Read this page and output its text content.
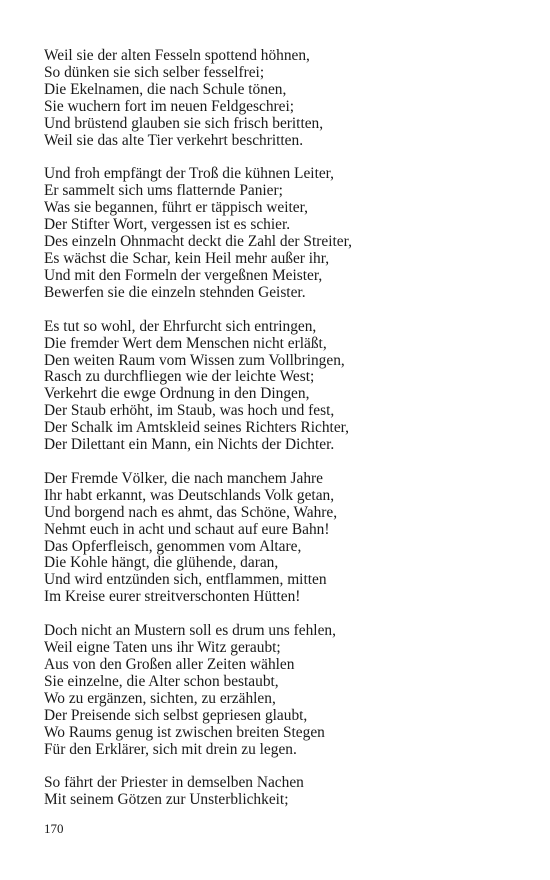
Weil sie der alten Fesseln spottend höhnen,
So dünken sie sich selber fesselfrei;
Die Ekelnamen, die nach Schule tönen,
Sie wuchern fort im neuen Feldgeschrei;
Und brüstend glauben sie sich frisch beritten,
Weil sie das alte Tier verkehrt beschritten.
Und froh empfängt der Troß die kühnen Leiter,
Er sammelt sich ums flatternde Panier;
Was sie begannen, führt er täppisch weiter,
Der Stifter Wort, vergessen ist es schier.
Des einzeln Ohnmacht deckt die Zahl der Streiter,
Es wächst die Schar, kein Heil mehr außer ihr,
Und mit den Formeln der vergeßnen Meister,
Bewerfen sie die einzeln stehnden Geister.
Es tut so wohl, der Ehrfurcht sich entringen,
Die fremder Wert dem Menschen nicht erläßt,
Den weiten Raum vom Wissen zum Vollbringen,
Rasch zu durchfliegen wie der leichte West;
Verkehrt die ewge Ordnung in den Dingen,
Der Staub erhöht, im Staub, was hoch und fest,
Der Schalk im Amtskleid seines Richters Richter,
Der Dilettant ein Mann, ein Nichts der Dichter.
Der Fremde Völker, die nach manchem Jahre
Ihr habt erkannt, was Deutschlands Volk getan,
Und borgend nach es ahmt, das Schöne, Wahre,
Nehmt euch in acht und schaut auf eure Bahn!
Das Opferfleisch, genommen vom Altare,
Die Kohle hängt, die glühende, daran,
Und wird entzünden sich, entflammen, mitten
Im Kreise eurer streitverschonten Hütten!
Doch nicht an Mustern soll es drum uns fehlen,
Weil eigne Taten uns ihr Witz geraubt;
Aus von den Großen aller Zeiten wählen
Sie einzelne, die Alter schon bestaubt,
Wo zu ergänzen, sichten, zu erzählen,
Der Preisende sich selbst gepriesen glaubt,
Wo Raums genug ist zwischen breiten Stegen
Für den Erklärer, sich mit drein zu legen.
So fährt der Priester in demselben Nachen
Mit seinem Götzen zur Unsterblichkeit;
170
